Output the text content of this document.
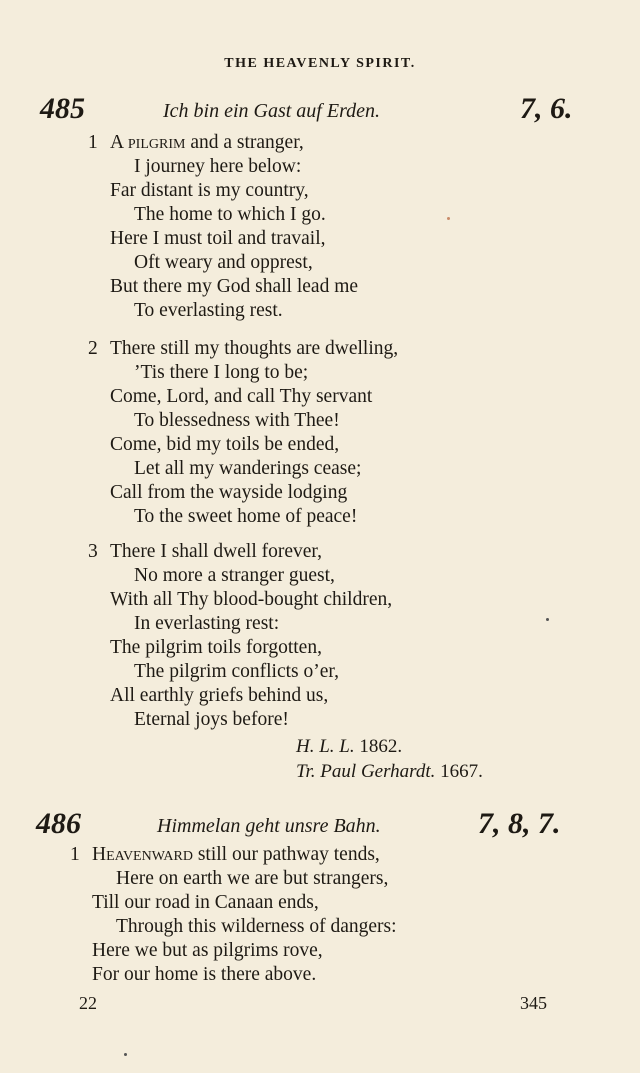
THE HEAVENLY SPIRIT.
485	Ich bin ein Gast auf Erden.	7, 6.
1 A pilgrim and a stranger,
I journey here below:
Far distant is my country,
The home to which I go.
Here I must toil and travail,
Oft weary and opprest,
But there my God shall lead me
To everlasting rest.
2 There still my thoughts are dwelling,
’Tis there I long to be;
Come, Lord, and call Thy servant
To blessedness with Thee!
Come, bid my toils be ended,
Let all my wanderings cease;
Call from the wayside lodging
To the sweet home of peace!
3 There I shall dwell forever,
No more a stranger guest,
With all Thy blood-bought children,
In everlasting rest:
The pilgrim toils forgotten,
The pilgrim conflicts o’er,
All earthly griefs behind us,
Eternal joys before!
H. L. L. 1862.
Tr. Paul Gerhardt. 1667.
486	Himmelan geht unsre Bahn.	7, 8, 7.
1 Heavenward still our pathway tends,
Here on earth we are but strangers,
Till our road in Canaan ends,
Through this wilderness of dangers:
Here we but as pilgrims rove,
For our home is there above.
22	345
